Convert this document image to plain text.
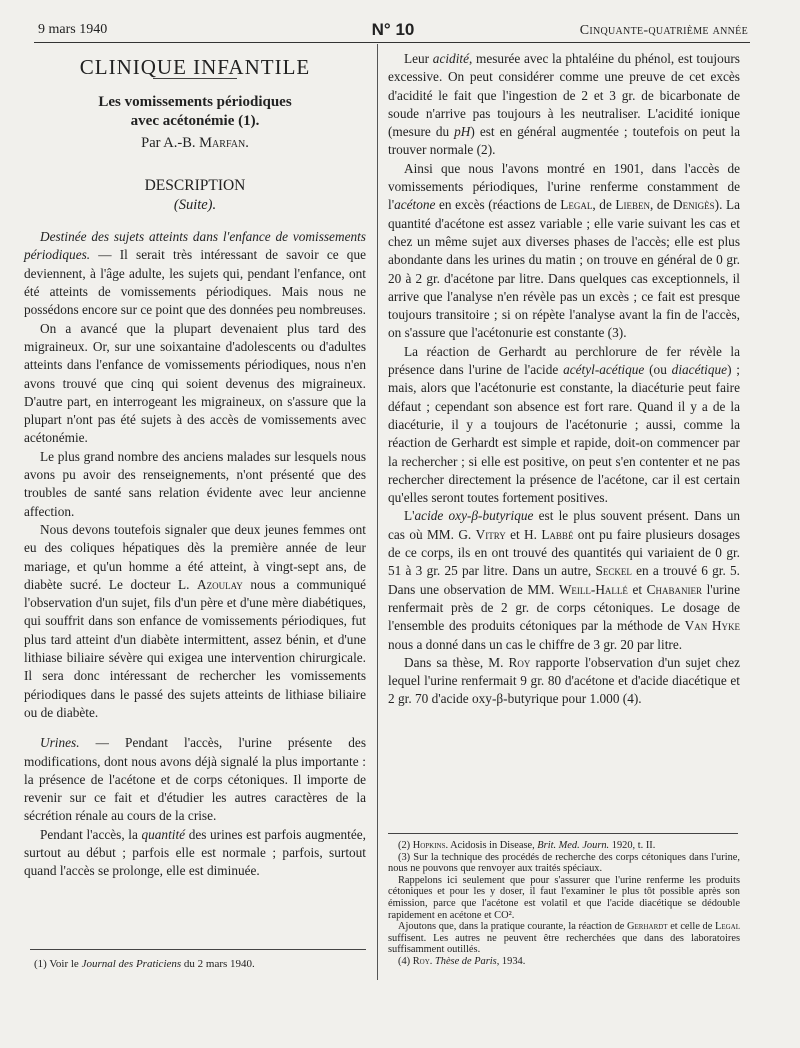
9 mars 1940	N° 10	Cinquante-quatrième année
CLINIQUE INFANTILE
Les vomissements périodiques
avec acétonémie (1).
Par A.-B. Marfan.
DESCRIPTION
(Suite).

Destinée des sujets atteints dans l'enfance de vomissements périodiques. — Il serait très intéressant de savoir ce que deviennent, à l'âge adulte, les sujets qui, pendant l'enfance, ont été atteints de vomissements périodiques. Mais nous ne possédons encore sur ce point que des données peu nombreuses.

On a avancé que la plupart devenaient plus tard des migraineux. Or, sur une soixantaine d'adolescents ou d'adultes atteints dans l'enfance de vomissements périodiques, nous n'en avons trouvé que cinq qui soient devenus des migraineux. D'autre part, en interrogeant les migraineux, on s'assure que la plupart n'ont pas été sujets à des accès de vomissements avec acétonémie.

Le plus grand nombre des anciens malades sur lesquels nous avons pu avoir des renseignements, n'ont présenté que des troubles de santé sans relation évidente avec leur ancienne affection.

Nous devons toutefois signaler que deux jeunes femmes ont eu des coliques hépatiques dès la première année de leur mariage, et qu'un homme a été atteint, à vingt-sept ans, de diabète sucré. Le docteur L. Azoulay nous a communiqué l'observation d'un sujet, fils d'un père et d'une mère diabétiques, qui souffrit dans son enfance de vomissements périodiques, fut plus tard atteint d'un diabète intermittent, assez bénin, et d'une lithiase biliaire sévère qui exigea une intervention chirurgicale. Il sera donc intéressant de rechercher les vomissements périodiques dans le passé des sujets atteints de lithiase biliaire ou de diabète.

Urines. — Pendant l'accès, l'urine présente des modifications, dont nous avons déjà signalé la plus importante : la présence de l'acétone et de corps cétoniques. Il importe de revenir sur ce fait et d'étudier les autres caractères de la sécrétion rénale au cours de la crise.

Pendant l'accès, la quantité des urines est parfois augmentée, surtout au début ; parfois elle est normale ; parfois, surtout quand l'accès se prolonge, elle est diminuée.

(1) Voir le Journal des Praticiens du 2 mars 1940.

Leur acidité, mesurée avec la phtaléine du phénol, est toujours excessive. On peut considérer comme une preuve de cet excès d'acidité le fait que l'ingestion de 2 et 3 gr. de bicarbonate de soude n'arrive pas toujours à les neutraliser. L'acidité ionique (mesure du pH) est en général augmentée ; toutefois on peut la trouver normale (2).

Ainsi que nous l'avons montré en 1901, dans l'accès de vomissements périodiques, l'urine renferme constamment de l'acétone en excès (réactions de Legal, de Lieben, de Denigès). La quantité d'acétone est assez variable ; elle varie suivant les cas et chez un même sujet aux diverses phases de l'accès; elle est plus abondante dans les urines du matin ; on trouve en général de 0 gr. 20 à 2 gr. d'acétone par litre. Dans quelques cas exceptionnels, il arrive que l'analyse n'en révèle pas un excès ; ce fait est presque toujours transitoire ; si on répète l'analyse avant la fin de l'accès, on s'assure que l'acétonurie est constante (3).

La réaction de Gerhardt au perchlorure de fer révèle la présence dans l'urine de l'acide acétyl-acétique (ou diacétique) ; mais, alors que l'acétonurie est constante, la diacéturie peut faire défaut ; cependant son absence est fort rare. Quand il y a de la diacéturie, il y a toujours de l'acétonurie ; aussi, comme la réaction de Gerhardt est simple et rapide, doit-on commencer par la rechercher ; si elle est positive, on peut s'en contenter et ne pas rechercher directement la présence de l'acétone, car il est certain qu'elles seront toutes fortement positives.

L'acide oxy-β-butyrique est le plus souvent présent. Dans un cas où MM. G. Vitry et H. Labbé ont pu faire plusieurs dosages de ce corps, ils en ont trouvé des quantités qui variaient de 0 gr. 51 à 3 gr. 25 par litre. Dans un autre, Seckel en a trouvé 6 gr. 5. Dans une observation de MM. Weill-Hallé et Chabanier l'urine renfermait près de 2 gr. de corps cétoniques. Le dosage de l'ensemble des produits cétoniques par la méthode de Van Hyke nous a donné dans un cas le chiffre de 3 gr. 20 par litre.

Dans sa thèse, M. Roy rapporte l'observation d'un sujet chez lequel l'urine renfermait 9 gr. 80 d'acétone et d'acide diacétique et 2 gr. 70 d'acide oxy-β-butyrique pour 1.000 (4).

(2) Hopkins. Acidosis in Disease, Brit. Med. Journ. 1920, t. II.

(3) Sur la technique des procédés de recherche des corps cétoniques dans l'urine, nous ne pouvons que renvoyer aux traités spéciaux.

Rappelons ici seulement que pour s'assurer que l'urine renferme les produits cétoniques et pour les y doser, il faut l'examiner le plus tôt possible après son émission, parce que l'acétone est volatil et que l'acide diacétique se dédouble rapidement en acétone et CO².

Ajoutons que, dans la pratique courante, la réaction de Gerhardt et celle de Legal suffisent. Les autres ne peuvent être recherchées que dans des laboratoires suffisamment outillés.

(4) Roy. Thèse de Paris, 1934.
